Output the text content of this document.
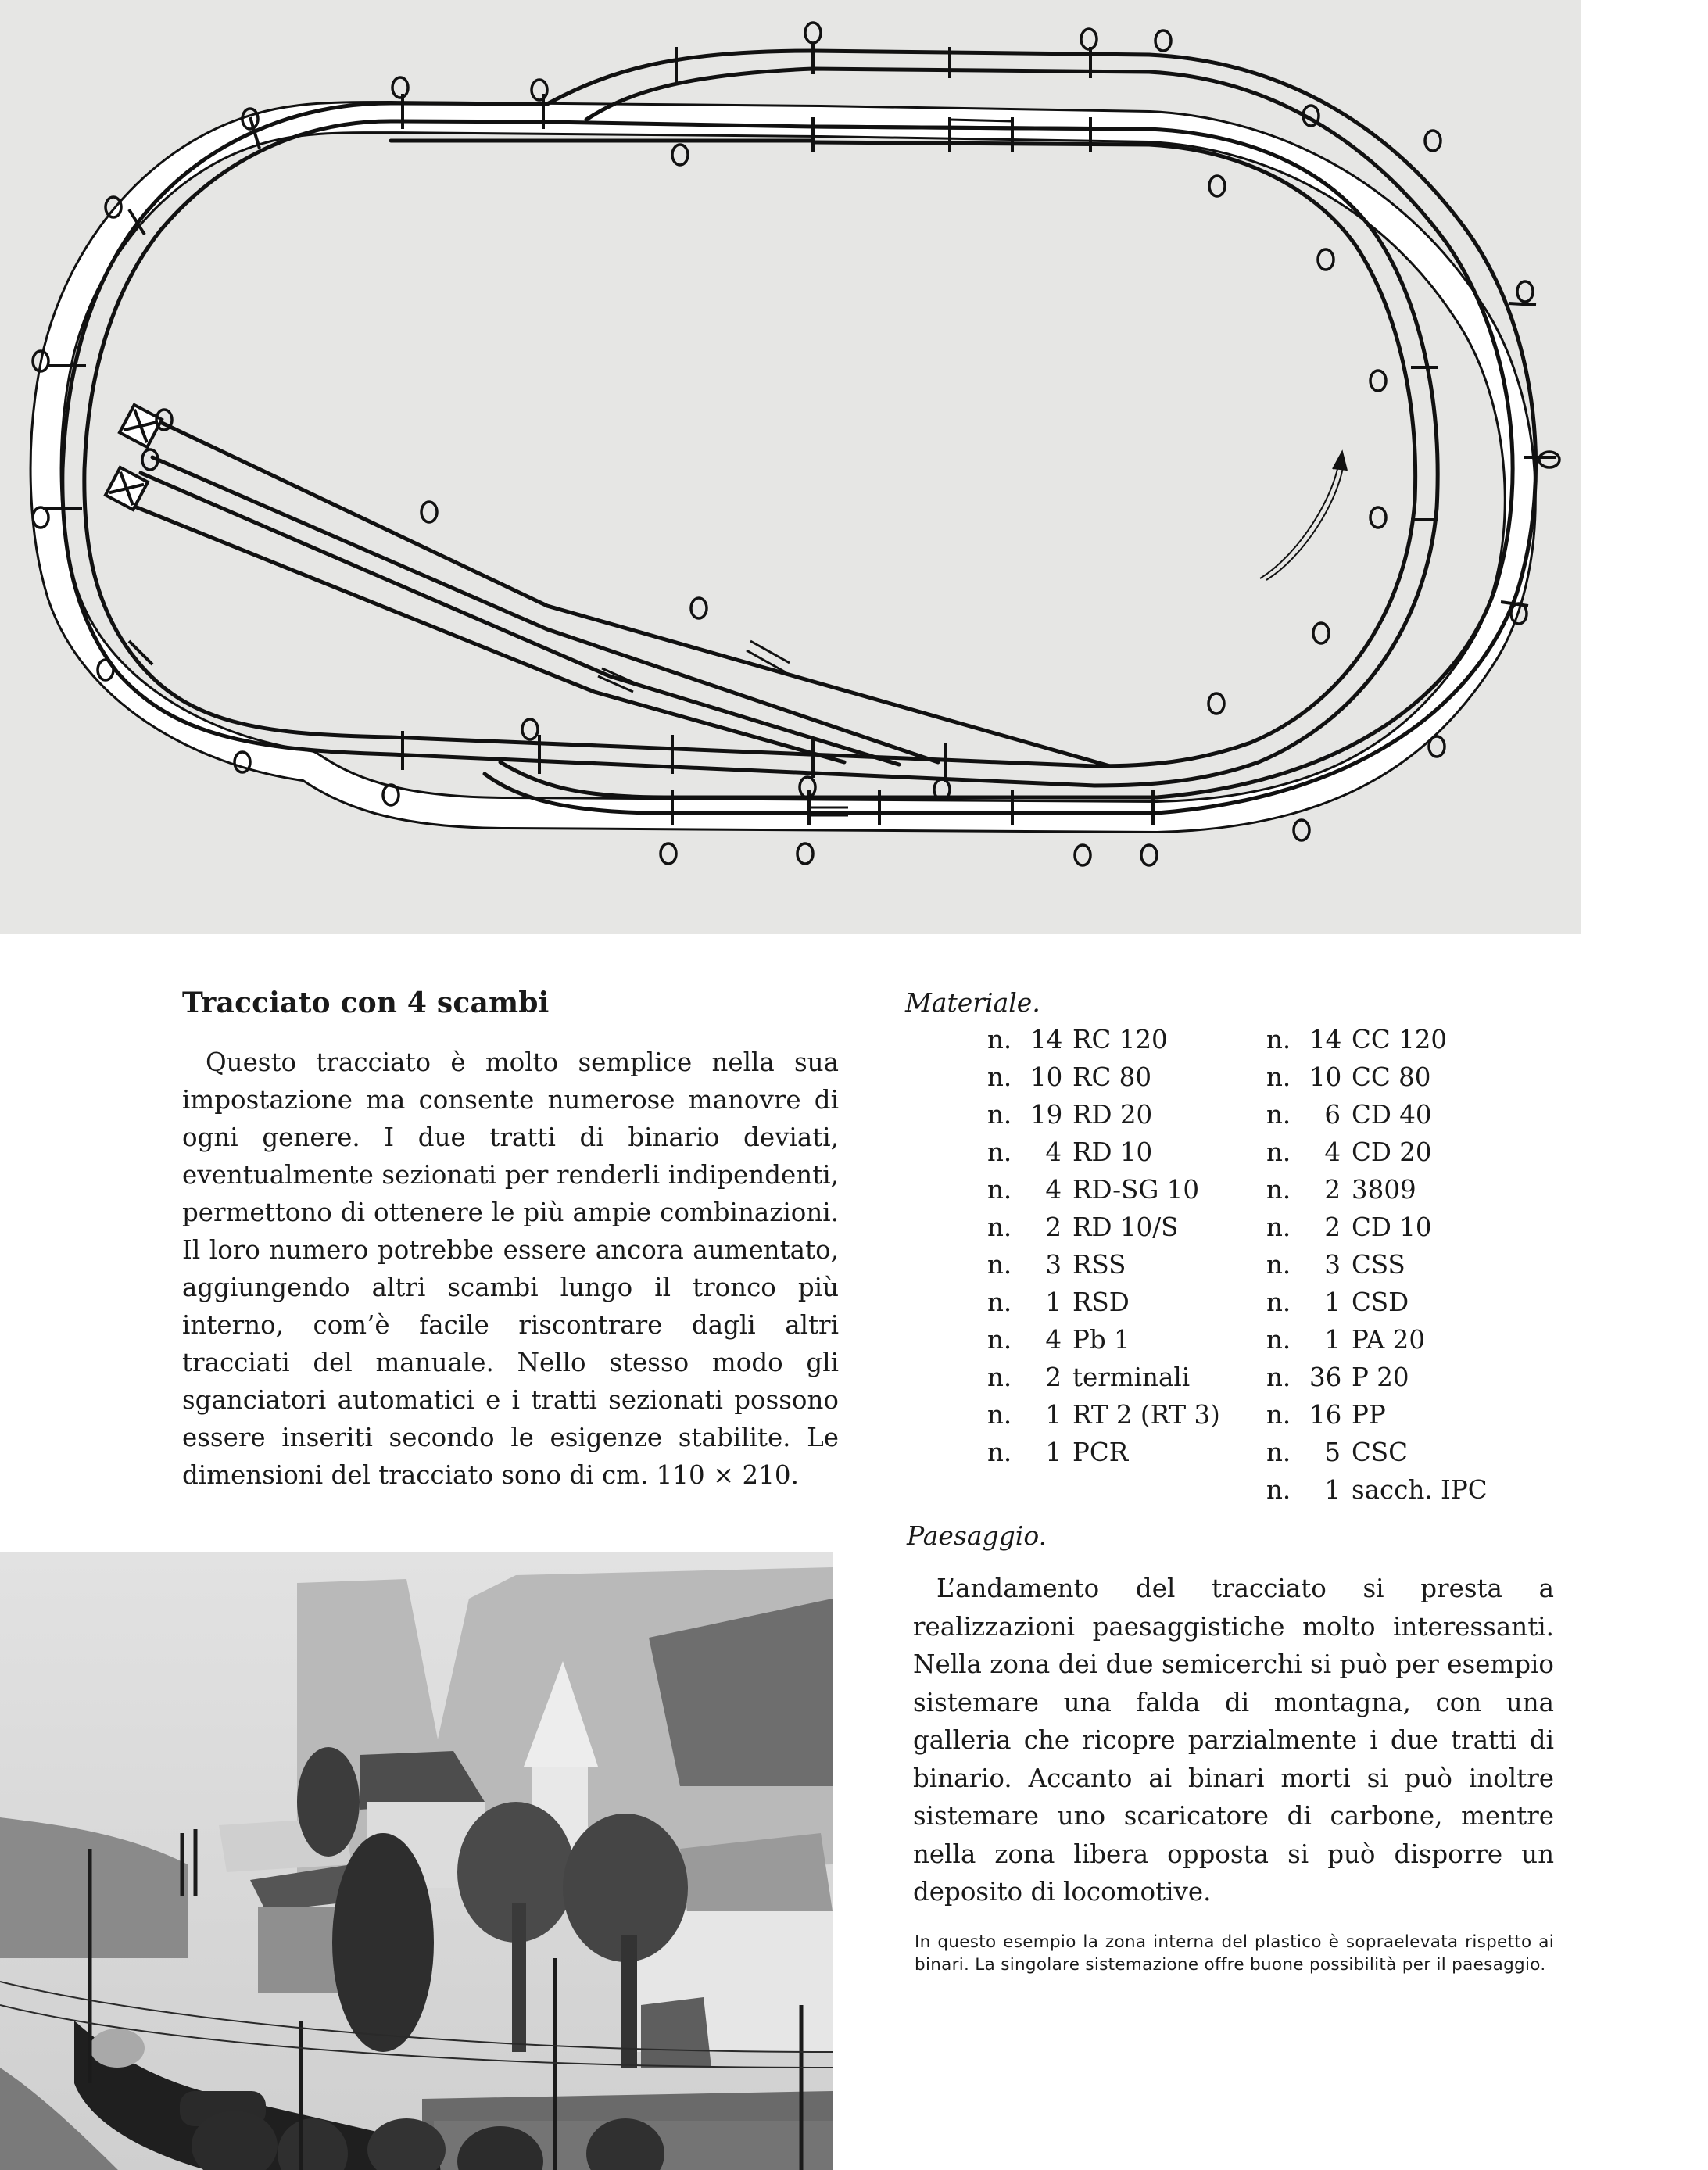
Tracciato con 4 scambi

Questo tracciato è molto semplice nella sua impostazione ma consente numerose manovre di ogni genere. I due tratti di binario deviati, eventualmente sezionati per renderli indipendenti, permettono di ottenere le più ampie combinazioni. Il loro numero potrebbe essere ancora aumentato, aggiungendo altri scambi lungo il tronco più interno, com’è facile riscontrare dagli altri tracciati del manuale. Nello stesso modo gli sganciatori automatici e i tratti sezionati possono essere inseriti secondo le esigenze stabilite. Le dimensioni del tracciato sono di cm. 110 × 210.

Materiale.
n. 14 RC 120
n. 10 RC 80
n. 19 RD 20
n.	4 RD 10
n.	4 RD-SG 10
n.	2 RD 10/S
n.	3 RSS
n.	1 RSD
n.	4 Pb 1
n.	2 terminali
n.	1 RT 2 (RT 3)
n.	1 PCR
n. 14 CC 120
n. 10 CC 80
n.	6 CD 40
n.	4 CD 20
n.	2 3809
n.	2 CD 10
n.	3 CSS
n.	1 CSD
n.	1 PA 20
n. 36 P 20
n. 16 PP
n.	5 CSC
n.	1 sacch. IPC
Paesaggio.

L’andamento del tracciato si presta a realizzazioni paesaggistiche molto interessanti. Nella zona dei due semicerchi si può per esempio sistemare una falda di montagna, con una galleria che ricopre parzialmente i due tratti di binario. Accanto ai binari morti si può inoltre sistemare uno scaricatore di carbone, mentre nella zona libera opposta si può disporre un deposito di locomotive.

In questo esempio la zona interna del plastico è sopraelevata rispetto ai binari. La singolare sistemazione offre buone possibilità per il paesaggio.
